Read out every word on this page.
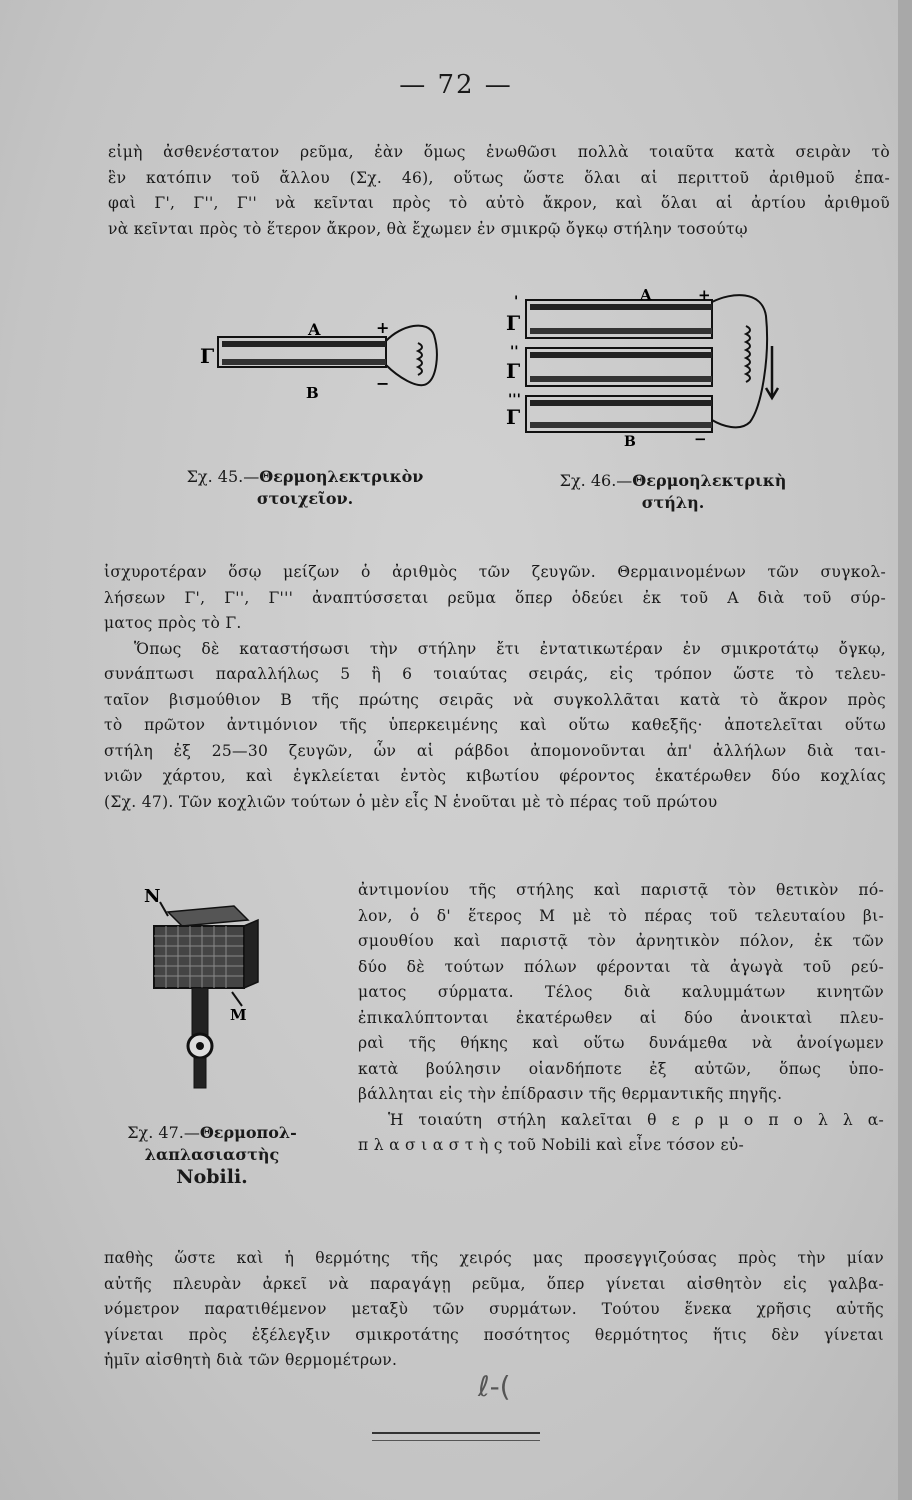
— 72 —
εἰμὴ ἀσθενέστατον ρεῦμα, ἐὰν ὅμως ἑνωθῶσι πολλὰ τοιαῦτα κατὰ σειρὰν τὸ
ἓν κατόπιν τοῦ ἄλλου (Σχ. 46), οὕτως ὥστε ὅλαι αἱ περιττοῦ ἀριθμοῦ ἐπα-
φαὶ Γ', Γ'', Γ'' νὰ κεῖνται πρὸς τὸ αὐτὸ ἄκρον, καὶ ὅλαι αἱ ἀρτίου ἀριθμοῦ
νὰ κεῖνται πρὸς τὸ ἕτερον ἄκρον, θὰ ἔχωμεν ἐν σμικρῷ ὄγκῳ στήλην τοσούτῳ
Γ
Α
Β
+
−
Γ
Γ
Γ
'
''
'''
Α	+
Β	−
Σχ. 45.—Θερμοηλεκτρικὸν
στοιχεῖον.
Σχ. 46.—Θερμοηλεκτρικὴ
στήλη.
ἰσχυροτέραν ὅσῳ μείζων ὁ ἀριθμὸς τῶν ζευγῶν. Θερμαινομένων τῶν συγκολ-
λήσεων Γ', Γ'', Γ''' ἀναπτύσσεται ρεῦμα ὅπερ ὁδεύει ἐκ τοῦ Α διὰ τοῦ σύρ-
ματος πρὸς τὸ Γ.
Ὅπως δὲ καταστήσωσι τὴν στήλην ἔτι ἐντατικωτέραν ἐν σμικροτάτῳ ὄγκῳ,
συνάπτωσι παραλλήλως 5 ἢ 6 τοιαύτας σειράς, εἰς τρόπον ὥστε τὸ τελευ-
ταῖον βισμούθιον Β τῆς πρώτης σειρᾶς νὰ συγκολλᾶται κατὰ τὸ ἄκρον πρὸς
τὸ πρῶτον ἀντιμόνιον τῆς ὑπερκειμένης καὶ οὕτω καθεξῆς· ἀποτελεῖται οὕτω
στήλη ἐξ 25—30 ζευγῶν, ὧν αἱ ράβδοι ἀπομονοῦνται ἀπ' ἀλλήλων διὰ ται-
νιῶν χάρτου, καὶ ἐγκλείεται ἐντὸς κιβωτίου φέροντος ἑκατέρωθεν δύο κοχλίας
(Σχ. 47). Τῶν κοχλιῶν τούτων ὁ μὲν εἷς Ν ἑνοῦται μὲ τὸ πέρας τοῦ πρώτου
N
M
Σχ. 47.—Θερμοπολ-
λαπλασιαστὴς
Nobili.
ἀντιμονίου τῆς στήλης καὶ παριστᾷ τὸν θετικὸν πό-
λον, ὁ δ' ἕτερος Μ μὲ τὸ πέρας τοῦ τελευταίου βι-
σμουθίου καὶ παριστᾷ τὸν ἀρνητικὸν πόλον, ἐκ τῶν
δύο δὲ τούτων πόλων φέρονται τὰ ἀγωγὰ τοῦ ρεύ-
ματος σύρματα. Τέλος διὰ καλυμμάτων κινητῶν
ἐπικαλύπτονται ἑκατέρωθεν αἱ δύο ἀνοικταὶ πλευ-
ραὶ τῆς θήκης καὶ οὕτω δυνάμεθα νὰ ἀνοίγωμεν
κατὰ βούλησιν οἱανδήποτε ἐξ αὐτῶν, ὅπως ὑπο-
βάλληται εἰς τὴν ἐπίδρασιν τῆς θερμαντικῆς πηγῆς.
Ἡ τοιαύτη στήλη καλεῖται θ ε ρ μ ο π ο λ λ α-
π λ α σ ι α σ τ ὴ ς τοῦ Nobili καὶ εἶνε τόσον εὐ-
παθὴς ὥστε καὶ ἡ θερμότης τῆς χειρός μας προσεγγιζούσας πρὸς τὴν μίαν
αὐτῆς πλευρὰν ἀρκεῖ νὰ παραγάγῃ ρεῦμα, ὅπερ γίνεται αἰσθητὸν εἰς γαλβα-
νόμετρον παρατιθέμενον μεταξὺ τῶν συρμάτων. Τούτου ἕνεκα χρῆσις αὐτῆς
γίνεται πρὸς ἐξέλεγξιν σμικροτάτης ποσότητος θερμότητος ἥτις δὲν γίνεται
ἡμῖν αἰσθητὴ διὰ τῶν θερμομέτρων.
ℓ-(
